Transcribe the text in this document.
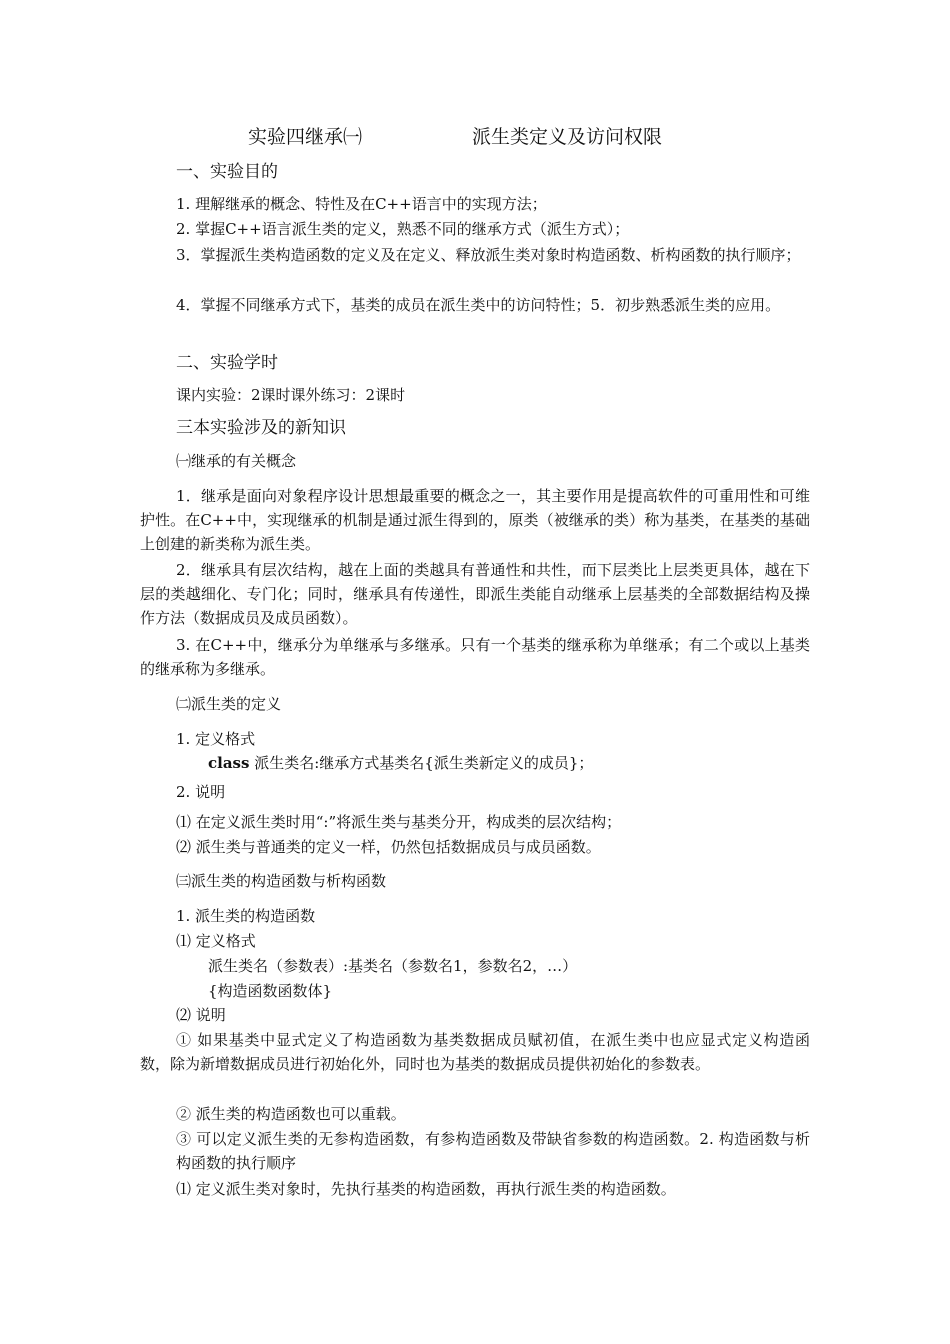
实验四继承㈠	派生类定义及访问权限
一、实验目的
1. 理解继承的概念、特性及在C++语言中的实现方法；
2. 掌握C++语言派生类的定义，熟悉不同的继承方式（派生方式）；
3．掌握派生类构造函数的定义及在定义、释放派生类对象时构造函数、析构函数的执行顺序；
4．掌握不同继承方式下，基类的成员在派生类中的访问特性；5．初步熟悉派生类的应用。
二、实验学时
课内实验：2课时课外练习：2课时
三本实验涉及的新知识
㈠继承的有关概念
1．继承是面向对象程序设计思想最重要的概念之一，其主要作用是提高软件的可重用性和可维护性。在C++中，实现继承的机制是通过派生得到的，原类（被继承的类）称为基类，在基类的基础上创建的新类称为派生类。
2．继承具有层次结构，越在上面的类越具有普通性和共性，而下层类比上层类更具体，越在下层的类越细化、专门化；同时，继承具有传递性，即派生类能自动继承上层基类的全部数据结构及操作方法（数据成员及成员函数）。
3. 在C++中，继承分为单继承与多继承。只有一个基类的继承称为单继承；有二个或以上基类的继承称为多继承。
㈡派生类的定义
1. 定义格式
class 派生类名:继承方式基类名{派生类新定义的成员}；
2. 说明
⑴ 在定义派生类时用“:”将派生类与基类分开，构成类的层次结构；
⑵ 派生类与普通类的定义一样，仍然包括数据成员与成员函数。
㈢派生类的构造函数与析构函数
1. 派生类的构造函数
⑴ 定义格式
派生类名（参数表）:基类名（参数名1，参数名2，…）
{构造函数函数体}
⑵ 说明
① 如果基类中显式定义了构造函数为基类数据成员赋初值，在派生类中也应显式定义构造函数，除为新增数据成员进行初始化外，同时也为基类的数据成员提供初始化的参数表。
② 派生类的构造函数也可以重载。
③ 可以定义派生类的无参构造函数，有参构造函数及带缺省参数的构造函数。2. 构造函数与析构函数的执行顺序
⑴ 定义派生类对象时，先执行基类的构造函数，再执行派生类的构造函数。
